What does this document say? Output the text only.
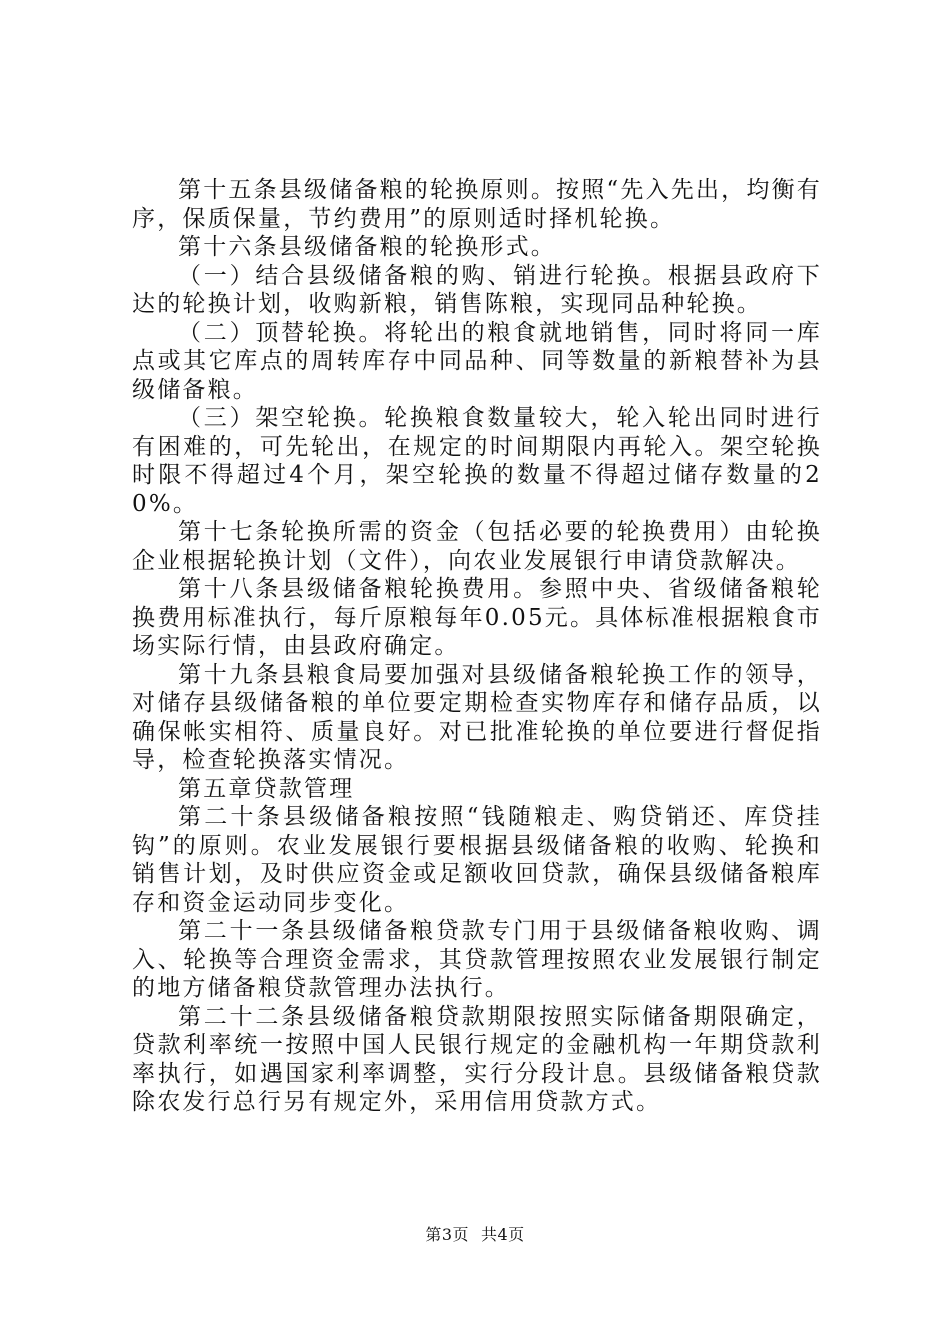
第十五条县级储备粮的轮换原则。按照“先入先出，均衡有序，保质保量，节约费用”的原则适时择机轮换。

第十六条县级储备粮的轮换形式。

（一）结合县级储备粮的购、销进行轮换。根据县政府下达的轮换计划，收购新粮，销售陈粮，实现同品种轮换。

（二）顶替轮换。将轮出的粮食就地销售，同时将同一库点或其它库点的周转库存中同品种、同等数量的新粮替补为县级储备粮。

（三）架空轮换。轮换粮食数量较大，轮入轮出同时进行有困难的，可先轮出，在规定的时间期限内再轮入。架空轮换时限不得超过4个月，架空轮换的数量不得超过储存数量的20%。

第十七条轮换所需的资金（包括必要的轮换费用）由轮换企业根据轮换计划（文件），向农业发展银行申请贷款解决。

第十八条县级储备粮轮换费用。参照中央、省级储备粮轮换费用标准执行，每斤原粮每年0.05元。具体标准根据粮食市场实际行情，由县政府确定。

第十九条县粮食局要加强对县级储备粮轮换工作的领导，对储存县级储备粮的单位要定期检查实物库存和储存品质，以确保帐实相符、质量良好。对已批准轮换的单位要进行督促指导，检查轮换落实情况。

第五章贷款管理

第二十条县级储备粮按照“钱随粮走、购贷销还、库贷挂钩”的原则。农业发展银行要根据县级储备粮的收购、轮换和销售计划，及时供应资金或足额收回贷款，确保县级储备粮库存和资金运动同步变化。

第二十一条县级储备粮贷款专门用于县级储备粮收购、调入、轮换等合理资金需求，其贷款管理按照农业发展银行制定的地方储备粮贷款管理办法执行。

第二十二条县级储备粮贷款期限按照实际储备期限确定，贷款利率统一按照中国人民银行规定的金融机构一年期贷款利率执行，如遇国家利率调整，实行分段计息。县级储备粮贷款除农发行总行另有规定外，采用信用贷款方式。

第3页 共4页
